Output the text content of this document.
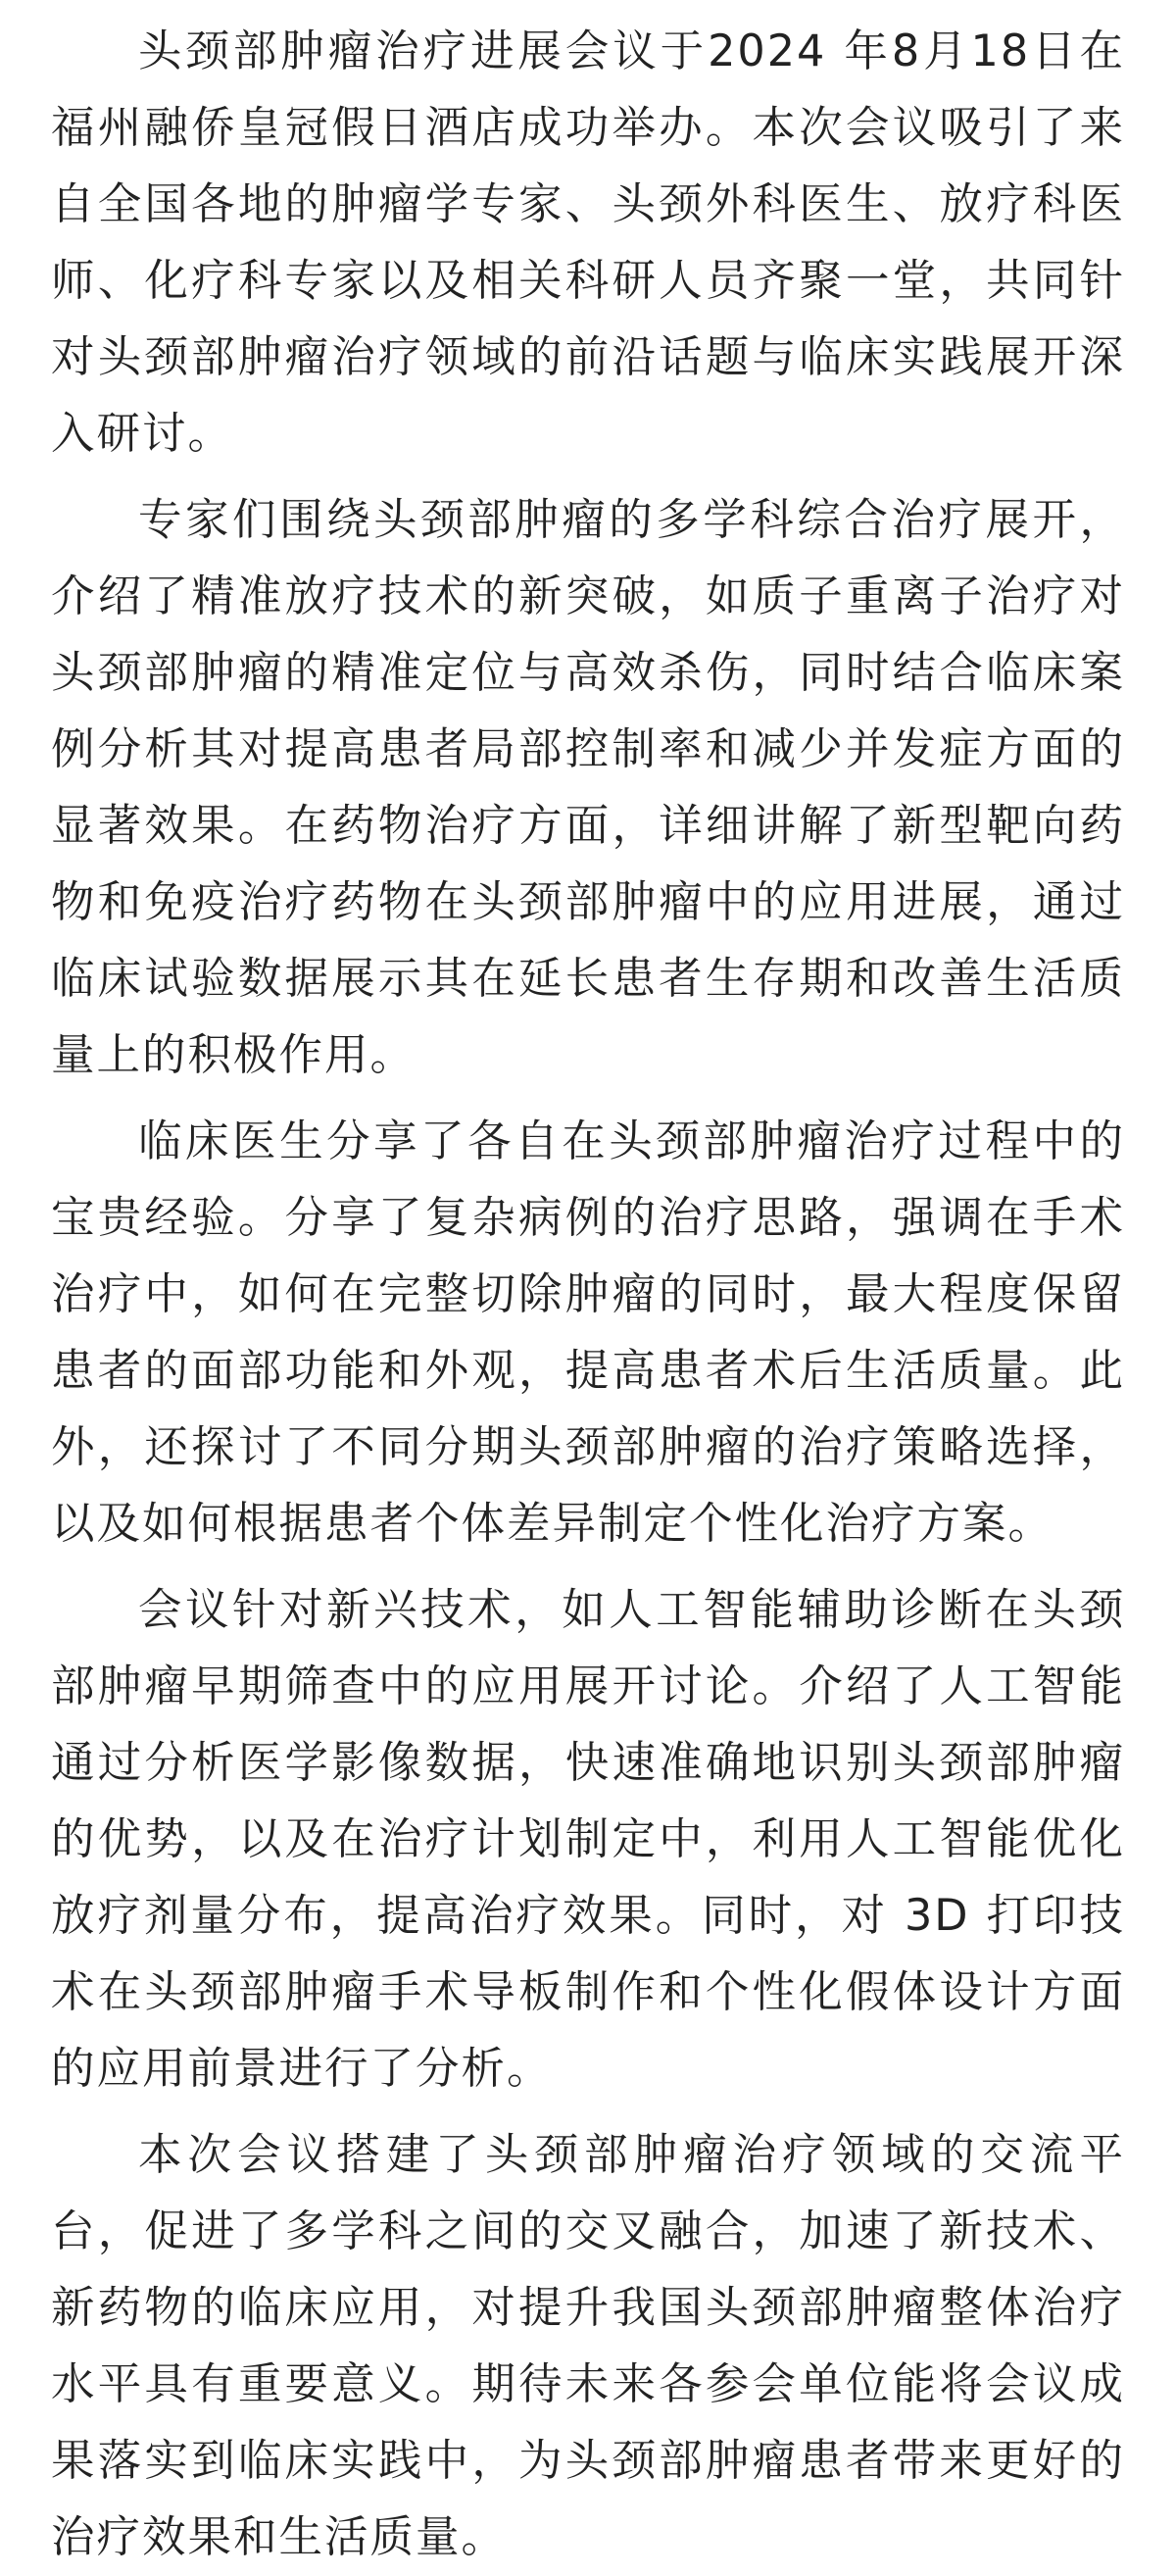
头颈部肿瘤治疗进展会议于2024 年8月18日在福州融侨皇冠假日酒店成功举办。本次会议吸引了来自全国各地的肿瘤学专家、头颈外科医生、放疗科医师、化疗科专家以及相关科研人员齐聚一堂，共同针对头颈部肿瘤治疗领域的前沿话题与临床实践展开深入研讨。

专家们围绕头颈部肿瘤的多学科综合治疗展开，介绍了精准放疗技术的新突破，如质子重离子治疗对头颈部肿瘤的精准定位与高效杀伤，同时结合临床案例分析其对提高患者局部控制率和减少并发症方面的显著效果。在药物治疗方面，详细讲解了新型靶向药物和免疫治疗药物在头颈部肿瘤中的应用进展，通过临床试验数据展示其在延长患者生存期和改善生活质量上的积极作用。

临床医生分享了各自在头颈部肿瘤治疗过程中的宝贵经验。分享了复杂病例的治疗思路，强调在手术治疗中，如何在完整切除肿瘤的同时，最大程度保留患者的面部功能和外观，提高患者术后生活质量。此外，还探讨了不同分期头颈部肿瘤的治疗策略选择，以及如何根据患者个体差异制定个性化治疗方案。

会议针对新兴技术，如人工智能辅助诊断在头颈部肿瘤早期筛查中的应用展开讨论。介绍了人工智能通过分析医学影像数据，快速准确地识别头颈部肿瘤的优势，以及在治疗计划制定中，利用人工智能优化放疗剂量分布，提高治疗效果。同时，对 3D 打印技术在头颈部肿瘤手术导板制作和个性化假体设计方面的应用前景进行了分析。

本次会议搭建了头颈部肿瘤治疗领域的交流平台，促进了多学科之间的交叉融合，加速了新技术、新药物的临床应用，对提升我国头颈部肿瘤整体治疗水平具有重要意义。期待未来各参会单位能将会议成果落实到临床实践中，为头颈部肿瘤患者带来更好的治疗效果和生活质量。
